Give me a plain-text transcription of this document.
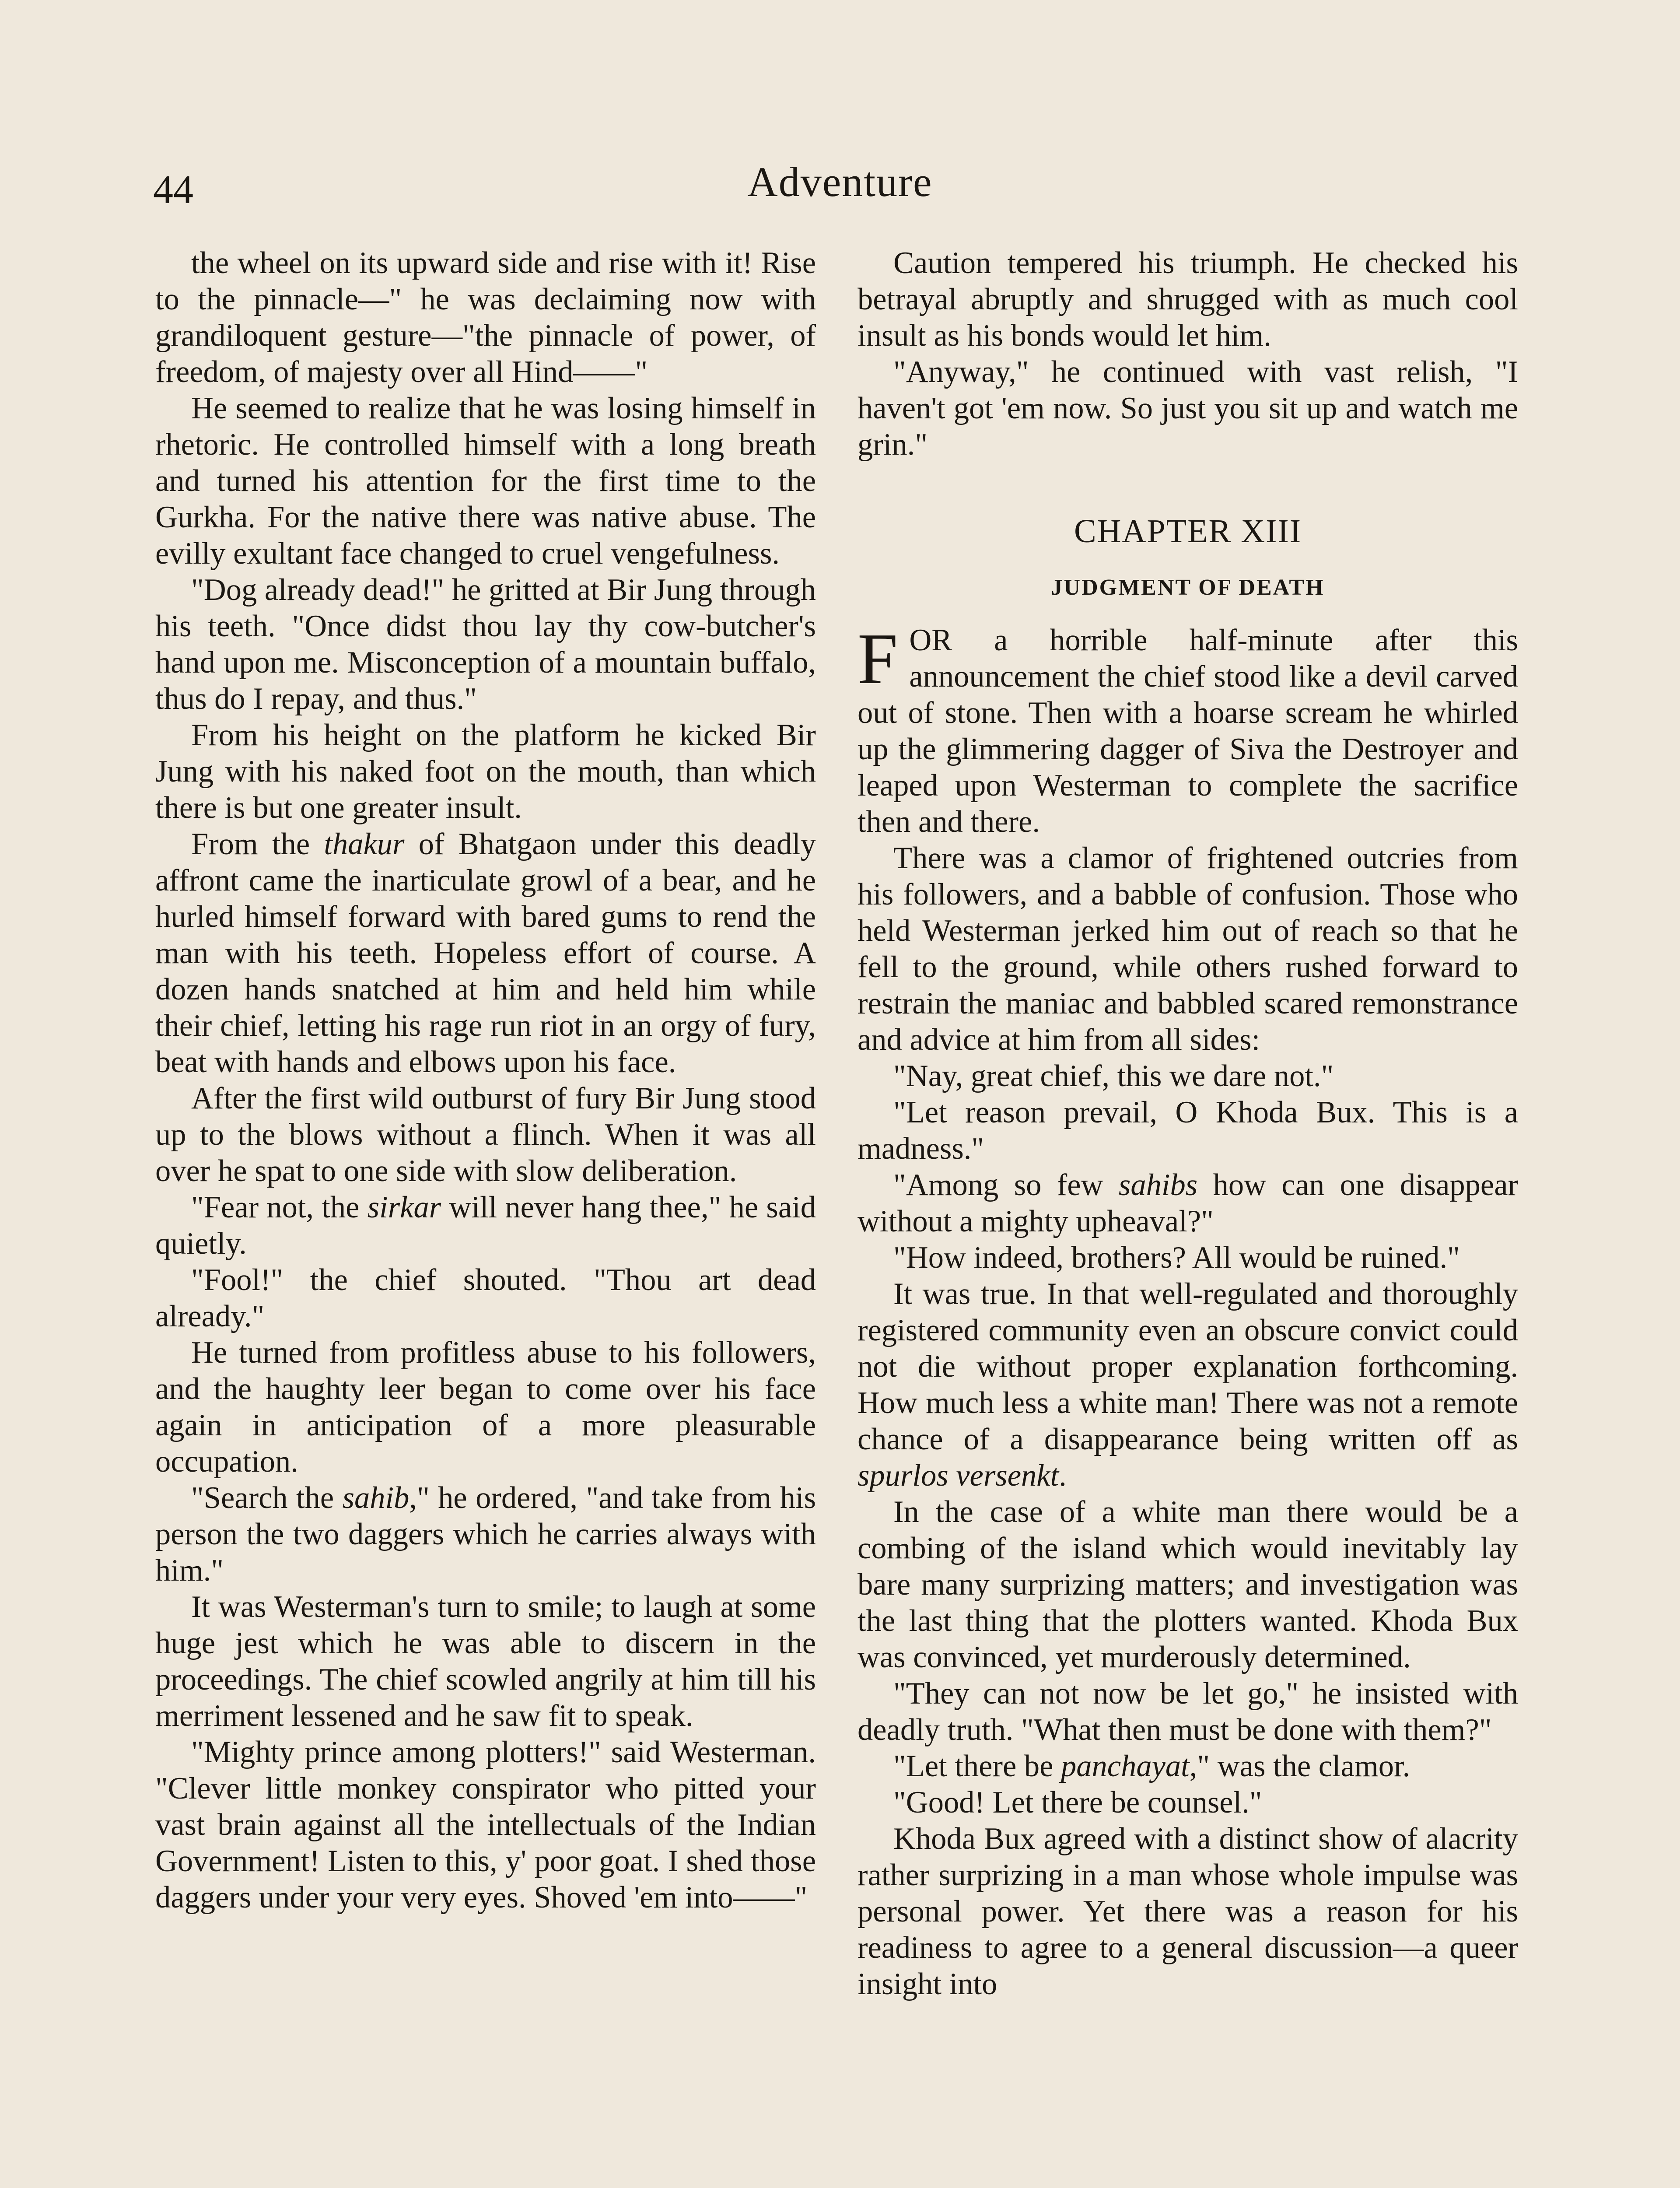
44	Adventure

the wheel on its upward side and rise with it! Rise to the pinnacle—" he was declaiming now with grandiloquent gesture—"the pinnacle of power, of freedom, of majesty over all Hind——"

He seemed to realize that he was losing himself in rhetoric. He controlled himself with a long breath and turned his attention for the first time to the Gurkha. For the native there was native abuse. The evilly exultant face changed to cruel vengefulness.

"Dog already dead!" he gritted at Bir Jung through his teeth. "Once didst thou lay thy cow-butcher's hand upon me. Misconception of a mountain buffalo, thus do I repay, and thus."

From his height on the platform he kicked Bir Jung with his naked foot on the mouth, than which there is but one greater insult.

From the thakur of Bhatgaon under this deadly affront came the inarticulate growl of a bear, and he hurled himself forward with bared gums to rend the man with his teeth. Hopeless effort of course. A dozen hands snatched at him and held him while their chief, letting his rage run riot in an orgy of fury, beat with hands and elbows upon his face.

After the first wild outburst of fury Bir Jung stood up to the blows without a flinch. When it was all over he spat to one side with slow deliberation.

"Fear not, the sirkar will never hang thee," he said quietly.

"Fool!" the chief shouted. "Thou art dead already."

He turned from profitless abuse to his followers, and the haughty leer began to come over his face again in anticipation of a more pleasurable occupation.

"Search the sahib," he ordered, "and take from his person the two daggers which he carries always with him."

It was Westerman's turn to smile; to laugh at some huge jest which he was able to discern in the proceedings. The chief scowled angrily at him till his merriment lessened and he saw fit to speak.

"Mighty prince among plotters!" said Westerman. "Clever little monkey conspirator who pitted your vast brain against all the intellectuals of the Indian Government! Listen to this, y' poor goat. I shed those daggers under your very eyes. Shoved 'em into——"

Caution tempered his triumph. He checked his betrayal abruptly and shrugged with as much cool insult as his bonds would let him.

"Anyway," he continued with vast relish, "I haven't got 'em now. So just you sit up and watch me grin."

CHAPTER XIII
JUDGMENT OF DEATH

FOR a horrible half-minute after this announcement the chief stood like a devil carved out of stone. Then with a hoarse scream he whirled up the glimmering dagger of Siva the Destroyer and leaped upon Westerman to complete the sacrifice then and there.

There was a clamor of frightened outcries from his followers, and a babble of confusion. Those who held Westerman jerked him out of reach so that he fell to the ground, while others rushed forward to restrain the maniac and babbled scared remonstrance and advice at him from all sides:

"Nay, great chief, this we dare not."

"Let reason prevail, O Khoda Bux. This is a madness."

"Among so few sahibs how can one disappear without a mighty upheaval?"

"How indeed, brothers? All would be ruined."

It was true. In that well-regulated and thoroughly registered community even an obscure convict could not die without proper explanation forthcoming. How much less a white man! There was not a remote chance of a disappearance being written off as spurlos versenkt.

In the case of a white man there would be a combing of the island which would inevitably lay bare many surprizing matters; and investigation was the last thing that the plotters wanted. Khoda Bux was convinced, yet murderously determined.

"They can not now be let go," he insisted with deadly truth. "What then must be done with them?"

"Let there be panchayat," was the clamor.

"Good! Let there be counsel."

Khoda Bux agreed with a distinct show of alacrity rather surprizing in a man whose whole impulse was personal power. Yet there was a reason for his readiness to agree to a general discussion—a queer insight into
